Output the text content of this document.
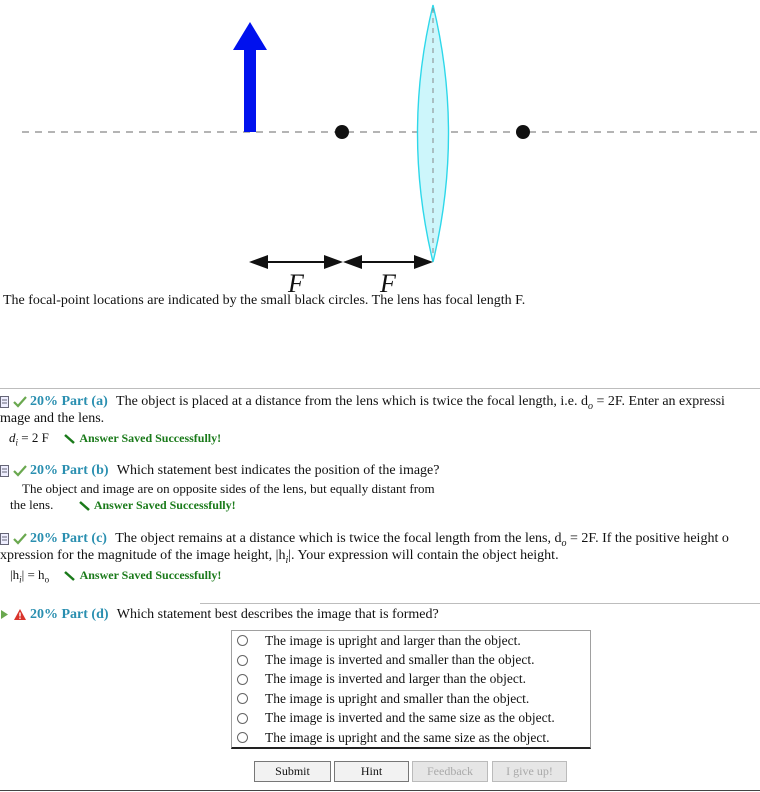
F	F
The focal-point locations are indicated by the small black circles. The lens has focal length F.
20% Part (a) The object is placed at a distance from the lens which is twice the focal length, i.e. $d_o = 2F$. Enter an expressi
mage and the lens.
$d_i = 2$ F	Answer Saved Successfully!
20% Part (b) Which statement best indicates the position of the image?
The object and image are on opposite sides of the lens, but equally distant from
the lens.	Answer Saved Successfully!
20% Part (c) The object remains at a distance which is twice the focal length from the lens, $d_o = 2F$. If the positive height o
xpression for the magnitude of the image height, $|h_i|$. Your expression will contain the object height.
$|h_i| = h_o$	Answer Saved Successfully!
20% Part (d) Which statement best describes the image that is formed?
The image is upright and larger than the object.
The image is inverted and smaller than the object.
The image is inverted and larger than the object.
The image is upright and smaller than the object.
The image is inverted and the same size as the object.
The image is upright and the same size as the object.
Submit	Hint	Feedback	I give up!
